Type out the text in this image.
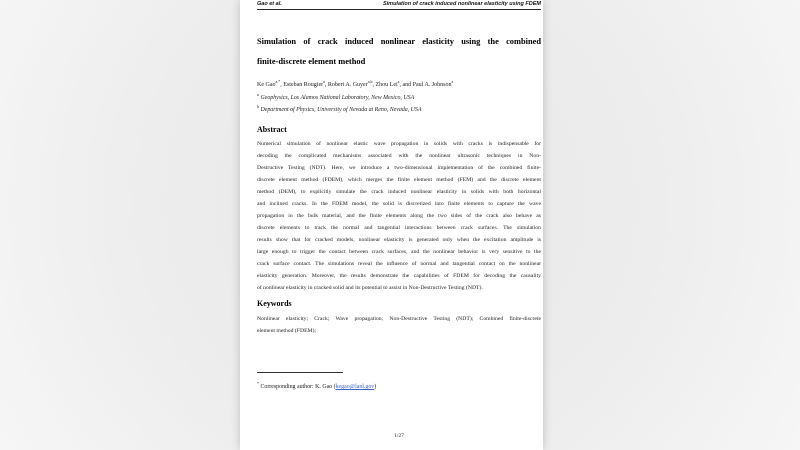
Gao et al.	Simulation of crack induced nonlinear elasticity using FDEM
Simulation of crack induced nonlinear elasticity using the combined
finite-discrete element method
Ke Gao$^{a,*}$, Esteban Rougier$^a$, Robert A. Guyer$^{a,b}$, Zhou Lei$^a$, and Paul A. Johnson$^a$
$^a$ Geophysics, Los Alamos National Laboratory, New Mexico, USA
$^b$ Department of Physics, University of Nevada at Reno, Nevada, USA
Abstract
Numerical simulation of nonlinear elastic wave propagation in solids with cracks is indispensable for
decoding the complicated mechanisms associated with the nonlinear ultrasonic techniques in Non-
Destructive Testing (NDT). Here, we introduce a two-dimensional implementation of the combined finite-
discrete element method (FDEM), which merges the finite element method (FEM) and the discrete element
method (DEM), to explicitly simulate the crack induced nonlinear elasticity in solids with both horizontal
and inclined cracks. In the FDEM model, the solid is discretized into finite elements to capture the wave
propagation in the bulk material, and the finite elements along the two sides of the crack also behave as
discrete elements to track the normal and tangential interactions between crack surfaces. The simulation
results show that for cracked models, nonlinear elasticity is generated only when the excitation amplitude is
large enough to trigger the contact between crack surfaces, and the nonlinear behavior is very sensitive to the
crack surface contact. The simulations reveal the influence of normal and tangential contact on the nonlinear
elasticity generation. Moreover, the results demonstrate the capabilities of FDEM for decoding the causality
of nonlinear elasticity in cracked solid and its potential to assist in Non-Destructive Testing (NDT).
Keywords
Nonlinear elasticity; Crack; Wave propagation; Non-Destructive Testing (NDT); Combined finite-discrete
element method (FDEM);
* Corresponding author: K. Gao (kegao@lanl.gov)
1/27
